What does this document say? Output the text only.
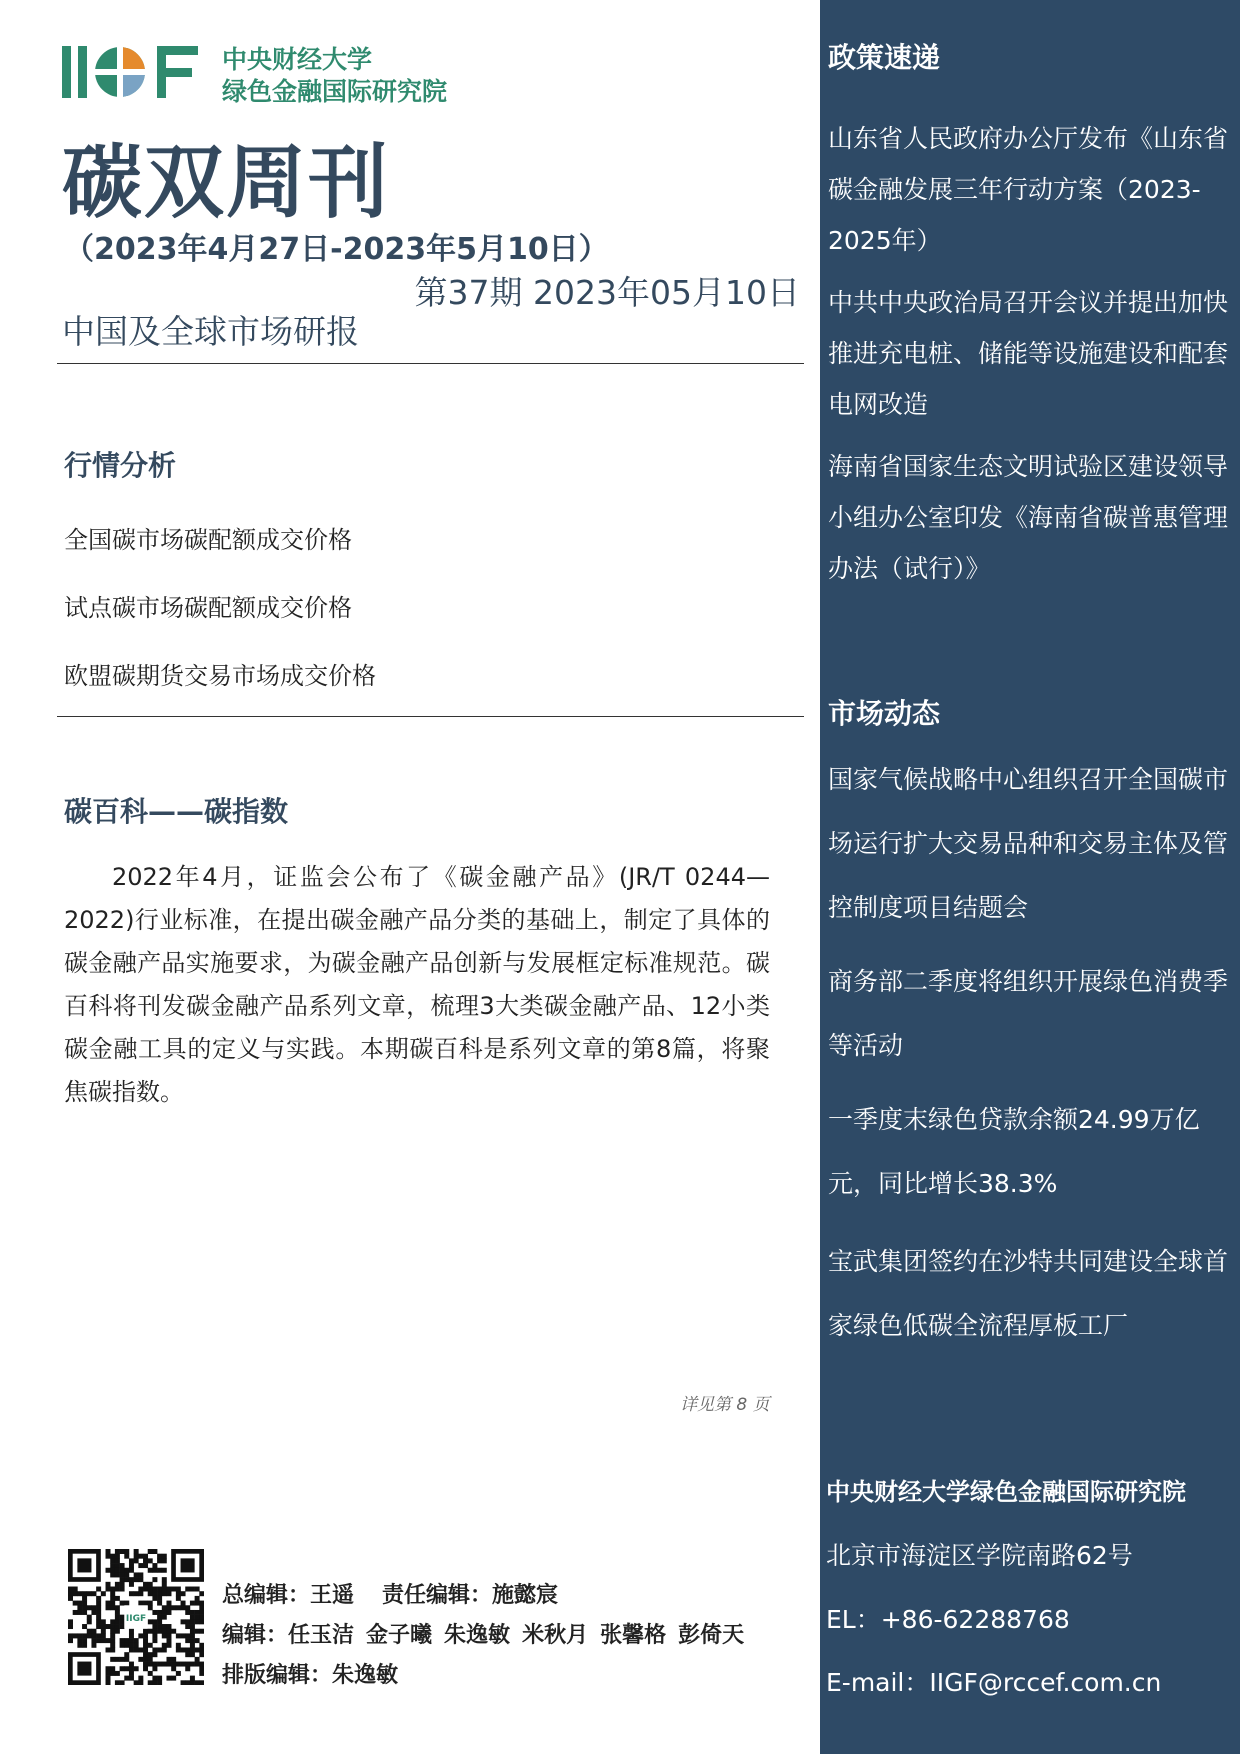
中央财经大学
绿色金融国际研究院
碳双周刊
（2023年4月27日-2023年5月10日）
第37期 2023年05月10日
中国及全球市场研报
行情分析
全国碳市场碳配额成交价格
试点碳市场碳配额成交价格
欧盟碳期货交易市场成交价格
碳百科——碳指数
2022年4月，证监会公布了《碳金融产品》(JR/T 0244—2022)行业标准，在提出碳金融产品分类的基础上，制定了具体的碳金融产品实施要求，为碳金融产品创新与发展框定标准规范。碳百科将刊发碳金融产品系列文章，梳理3大类碳金融产品、12小类碳金融工具的定义与实践。本期碳百科是系列文章的第8篇，将聚焦碳指数。
详见第 8 页
IIGF
总编辑：王遥 责任编辑：施懿宸
编辑：任玉洁 金子曦 朱逸敏 米秋月 张馨格 彭倚天
排版编辑：朱逸敏
政策速递
山东省人民政府办公厅发布《山东省碳金融发展三年行动方案（2023-2025年）
中共中央政治局召开会议并提出加快推进充电桩、储能等设施建设和配套电网改造
海南省国家生态文明试验区建设领导小组办公室印发《海南省碳普惠管理办法（试行）》
市场动态
国家气候战略中心组织召开全国碳市场运行扩大交易品种和交易主体及管控制度项目结题会
商务部二季度将组织开展绿色消费季等活动
一季度末绿色贷款余额24.99万亿元，同比增长38.3%
宝武集团签约在沙特共同建设全球首家绿色低碳全流程厚板工厂
中央财经大学绿色金融国际研究院
北京市海淀区学院南路62号
EL：+86-62288768
E-mail：IIGF@rccef.com.cn
